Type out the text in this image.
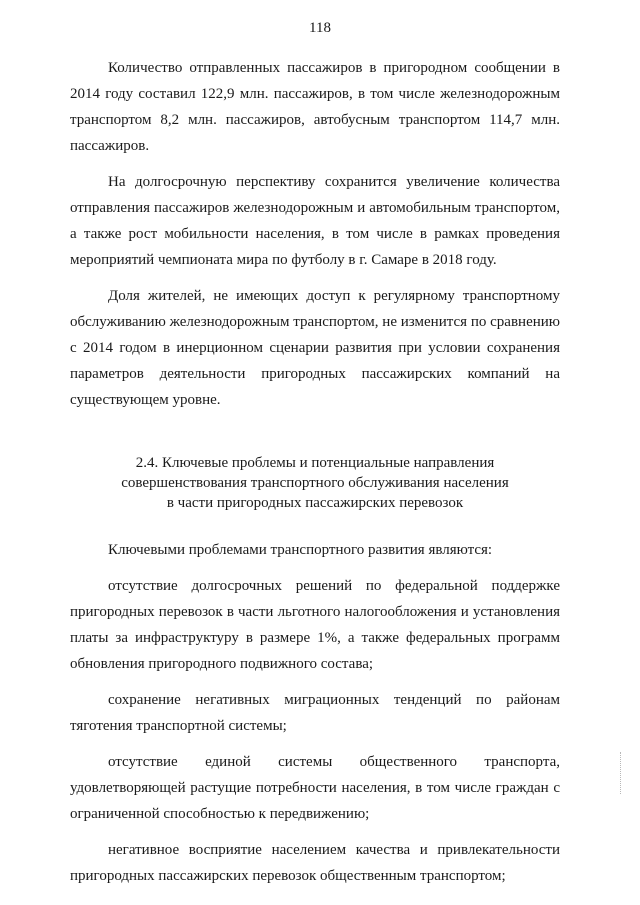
118

Количество отправленных пассажиров в пригородном сообщении в 2014 году составил 122,9 млн. пассажиров, в том числе железнодорожным транспортом 8,2 млн. пассажиров, автобусным транспортом 114,7 млн. пассажиров.

На долгосрочную перспективу сохранится увеличение количества отправления пассажиров железнодорожным и автомобильным транспортом, а также рост мобильности населения, в том числе в рамках проведения мероприятий чемпионата мира по футболу в г. Самаре в 2018 году.

Доля жителей, не имеющих доступ к регулярному транспортному обслуживанию железнодорожным транспортом, не изменится по сравнению с 2014 годом в инерционном сценарии развития при условии сохранения параметров деятельности пригородных пассажирских компаний на существующем уровне.

2.4. Ключевые проблемы и потенциальные направления
совершенствования транспортного обслуживания населения
в части пригородных пассажирских перевозок

Ключевыми проблемами транспортного развития являются:

отсутствие долгосрочных решений по федеральной поддержке пригородных перевозок в части льготного налогообложения и установления платы за инфраструктуру в размере 1%, а также федеральных программ обновления пригородного подвижного состава;

сохранение негативных миграционных тенденций по районам тяготения транспортной системы;

отсутствие единой системы общественного транспорта, удовлетворяющей растущие потребности населения, в том числе граждан с ограниченной способностью к передвижению;

негативное восприятие населением качества и привлекательности пригородных пассажирских перевозок общественным транспортом;
